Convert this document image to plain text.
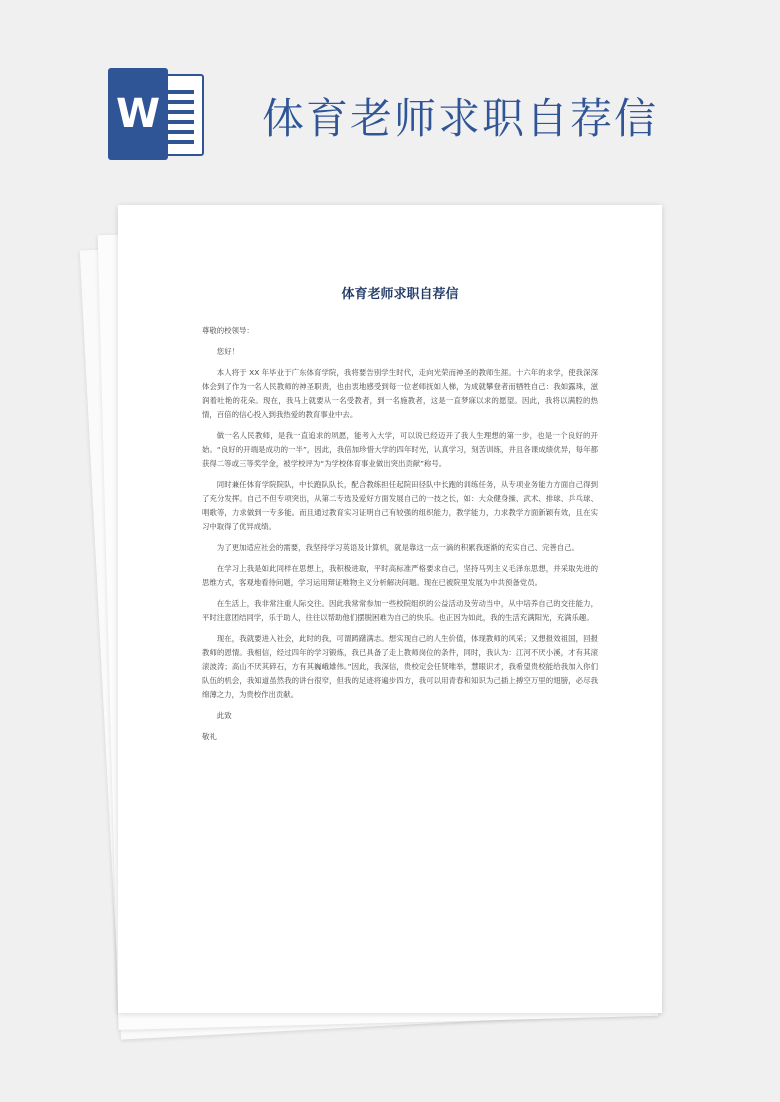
W 体育老师求职自荐信
体育老师求职自荐信

尊敬的校领导：

您好！

本人将于 XX 年毕业于广东体育学院，我将要告别学生时代，走向光荣而神圣的教师生涯。十六年的求学，使我深深体会到了作为一名人民教师的神圣职责，也由衷地感受到每一位老师抚如人梯，为成就攀登者而牺牲自己：我如露珠，滋润着吐艳的花朵。现在，我马上就要从一名受教者，到一名施教者，这是一直梦寐以求的愿望。因此，我将以满腔的热情，百倍的信心投入到我热爱的教育事业中去。

做一名人民教师，是我一直追求的夙愿，能考入大学，可以说已经迈开了我人生理想的第一步，也是一个良好的开始。“良好的开端是成功的一半”，因此，我倍加珍惜大学的四年时光，认真学习，刻苦训练，并且各课成绩优异，每年都获得二等或三等奖学金，被学校评为“为学校体育事业做出突出贡献”称号。

同时兼任体育学院院队，中长跑队队长，配合教练担任起院田径队中长跑的训练任务，从专项业务能力方面自己得到了充分发挥。自己不但专项突出，从第二专选及爱好方面发展自己的一技之长，如：大众健身操、武术、排球、乒乓球、唱歌等，力求做到一专多能。而且通过教育实习证明自己有较强的组织能力，教学能力，力求教学方面新颖有效，且在实习中取得了优异成绩。

为了更加适应社会的需要，我坚持学习英语及计算机，就是靠这一点一滴的积累我逐渐的充实自己、完善自己。

在学习上我是如此同样在思想上，我积极进取，平时高标准严格要求自己，坚持马列主义毛泽东思想，并采取先进的思维方式，客观地看待问题，学习运用辩证唯物主义分析解决问题。现在已被院里发展为中共预备党员。

在生活上，我非常注重人际交往。因此我常常参加一些校院组织的公益活动及劳动当中，从中培养自己的交往能力，平时注意团结同学，乐于助人，往往以帮助他们摆脱困难为自己的快乐。也正因为如此，我的生活充满阳光，充满乐趣。

现在，我就要进入社会，此时的我，可谓踌躇满志。想实现自己的人生价值，体现教师的风采；又想报效祖国，回报教师的恩情。我相信，经过四年的学习锻炼，我已具备了走上教师岗位的条件，同时，我认为：江河不厌小溪，才有其滚滚波涛；高山不厌其碎石，方有其巍峨雄伟。”因此，我深信，贵校定会任贤唯举，慧眼识才，我希望贵校能给我加入你们队伍的机会，我知道虽然我的讲台很窄，但我的足迹将遍步四方，我可以用青春和知识为己插上搏空万里的翅膀，必尽我绵薄之力，为贵校作出贡献。

此致

敬礼
